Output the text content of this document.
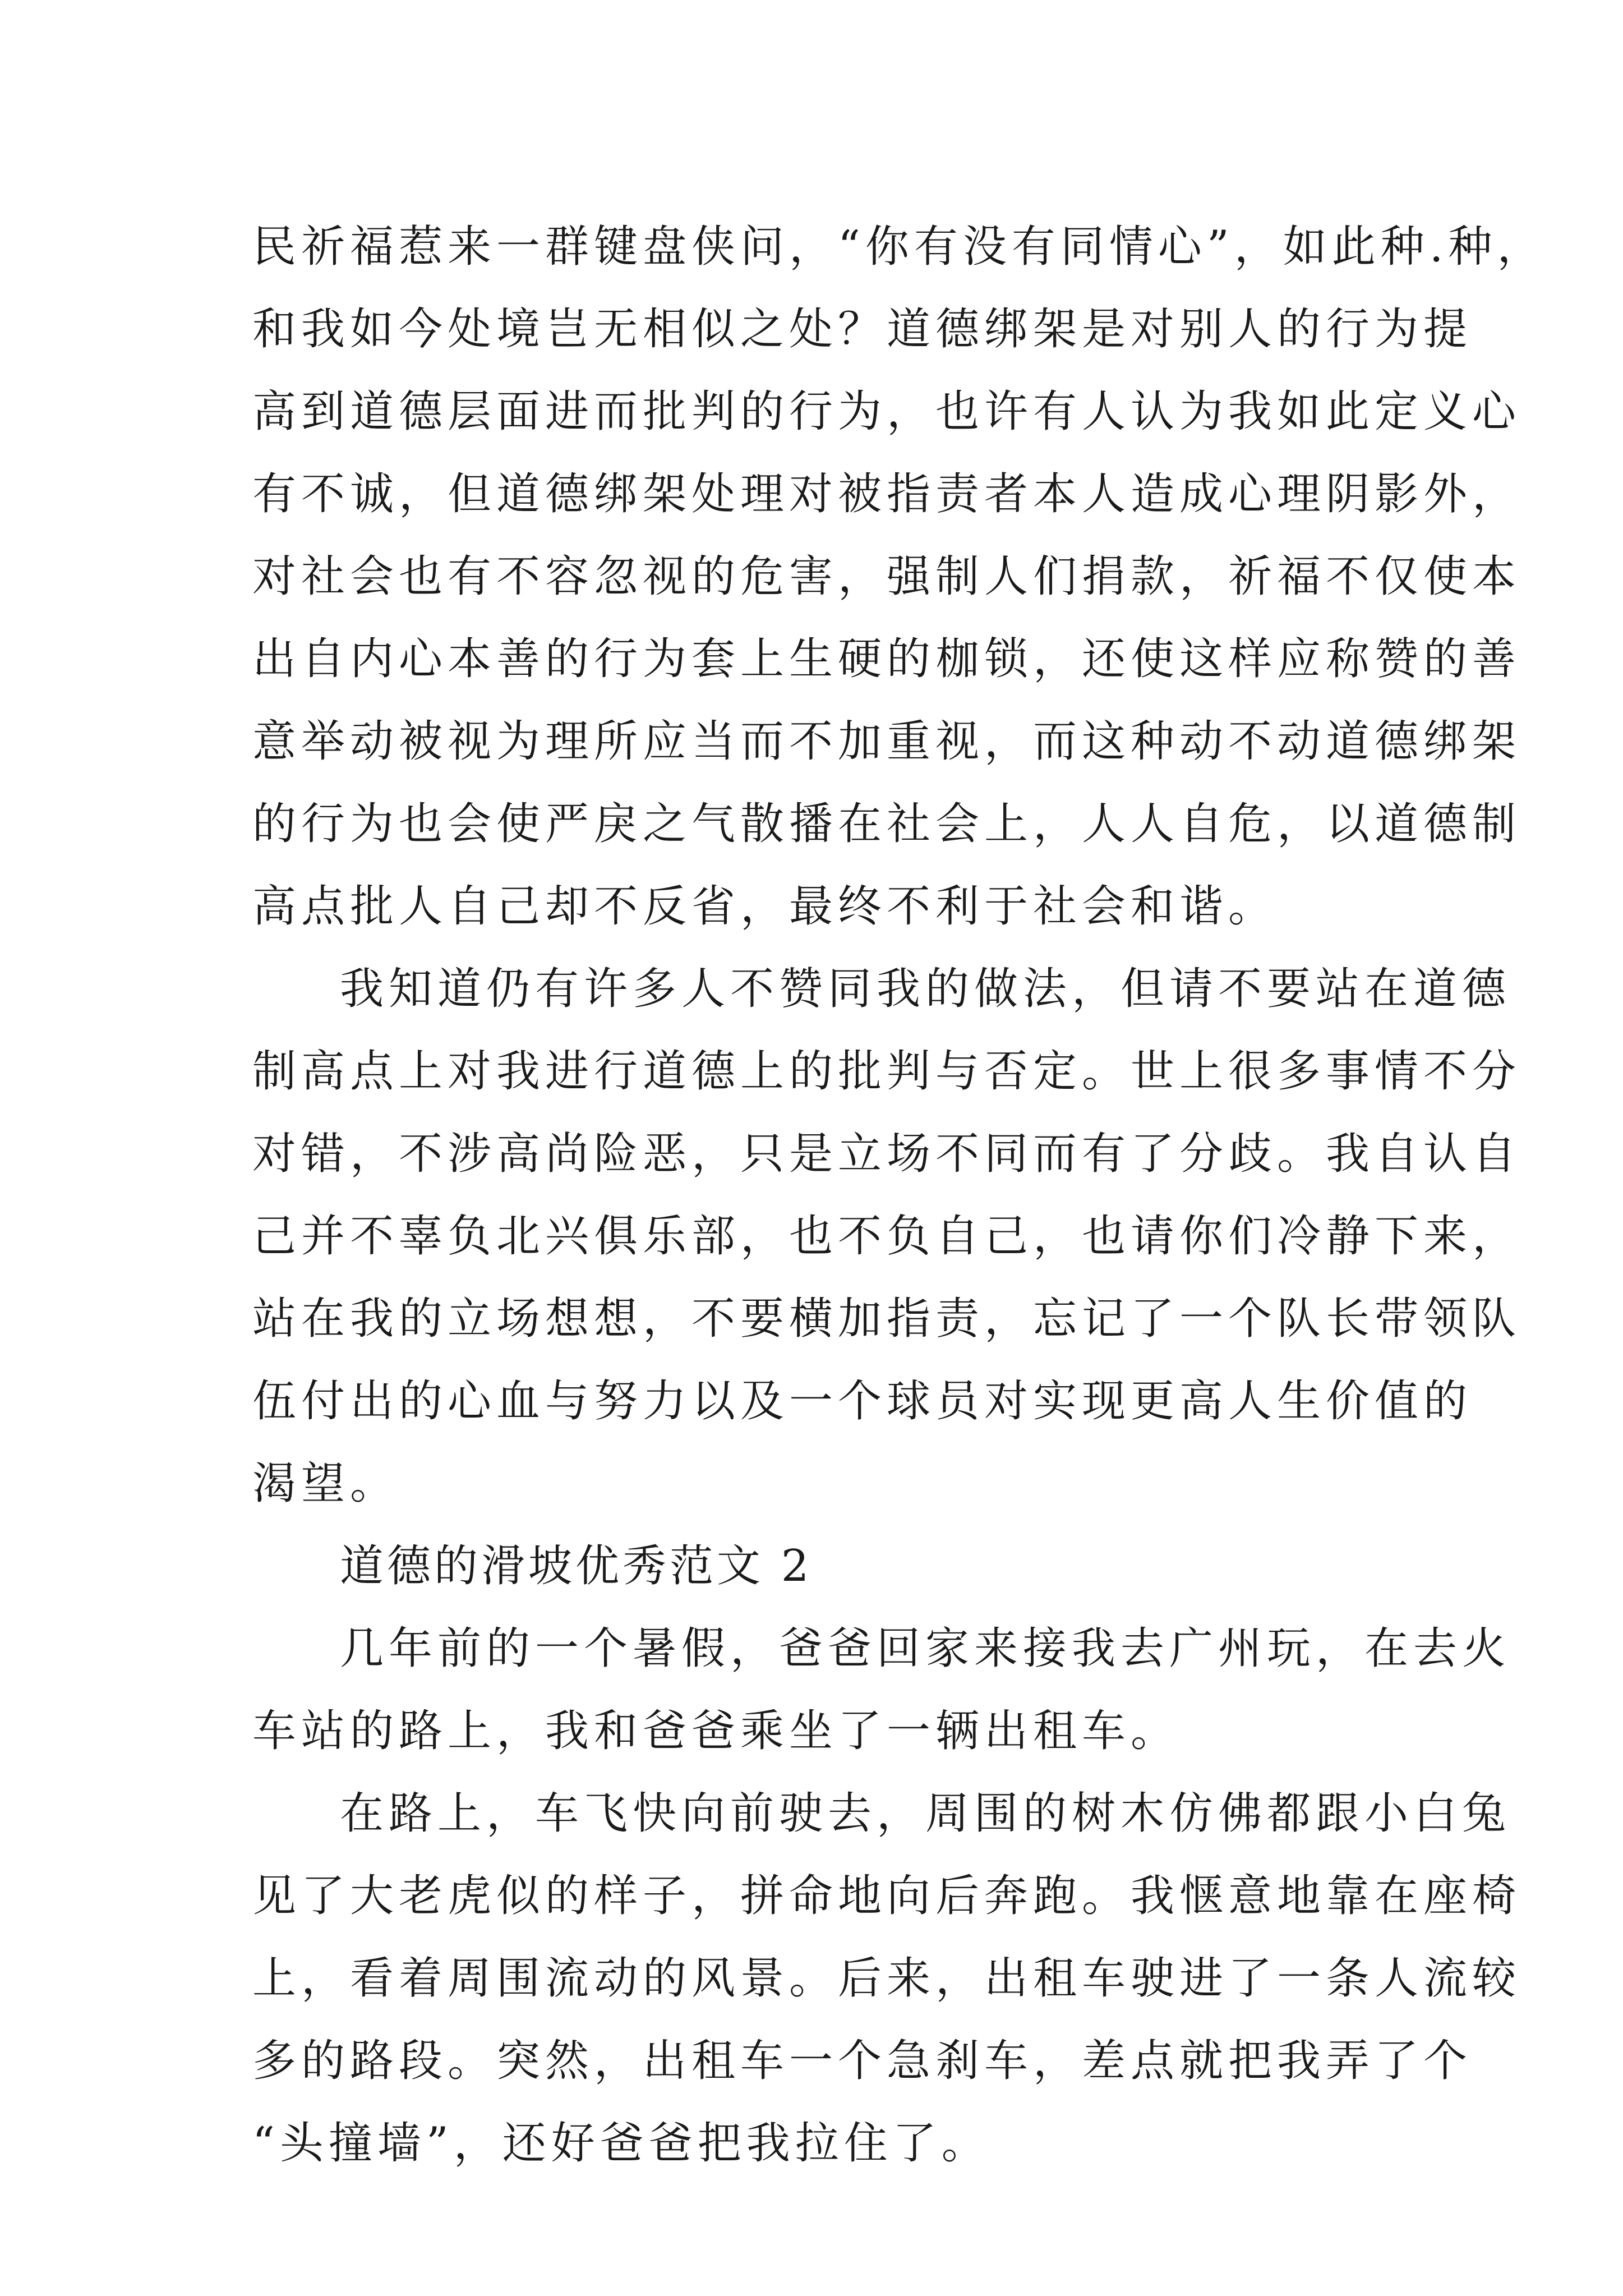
民祈福惹来一群键盘侠问，“你有没有同情心”，如此种.种，
和我如今处境岂无相似之处？道德绑架是对别人的行为提
高到道德层面进而批判的行为，也许有人认为我如此定义心
有不诚，但道德绑架处理对被指责者本人造成心理阴影外，
对社会也有不容忽视的危害，强制人们捐款，祈福不仅使本
出自内心本善的行为套上生硬的枷锁，还使这样应称赞的善
意举动被视为理所应当而不加重视，而这种动不动道德绑架
的行为也会使严戾之气散播在社会上，人人自危，以道德制
高点批人自己却不反省，最终不利于社会和谐。
我知道仍有许多人不赞同我的做法，但请不要站在道德
制高点上对我进行道德上的批判与否定。世上很多事情不分
对错，不涉高尚险恶，只是立场不同而有了分歧。我自认自
己并不辜负北兴俱乐部，也不负自己，也请你们冷静下来，
站在我的立场想想，不要横加指责，忘记了一个队长带领队
伍付出的心血与努力以及一个球员对实现更高人生价值的
渴望。
道德的滑坡优秀范文 2
几年前的一个暑假，爸爸回家来接我去广州玩，在去火
车站的路上，我和爸爸乘坐了一辆出租车。
在路上，车飞快向前驶去，周围的树木仿佛都跟小白兔
见了大老虎似的样子，拼命地向后奔跑。我惬意地靠在座椅
上，看着周围流动的风景。后来，出租车驶进了一条人流较
多的路段。突然，出租车一个急刹车，差点就把我弄了个
“头撞墙”，还好爸爸把我拉住了。
